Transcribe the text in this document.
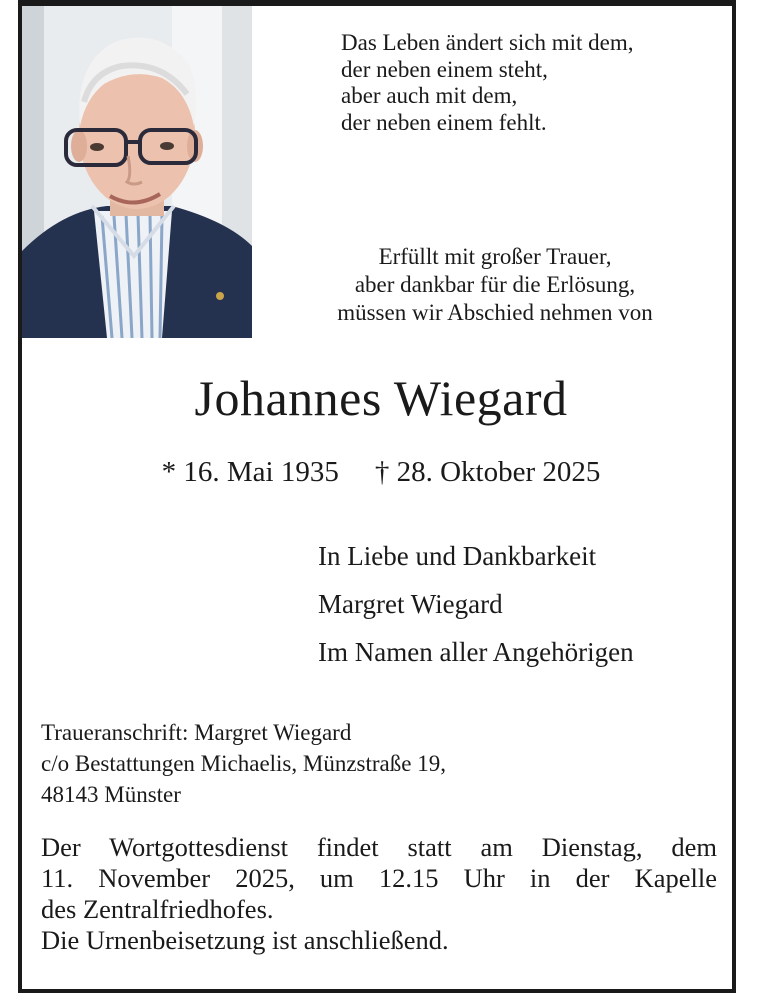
Das Leben ändert sich mit dem,
der neben einem steht,
aber auch mit dem,
der neben einem fehlt.
Erfüllt mit großer Trauer,
aber dankbar für die Erlösung,
müssen wir Abschied nehmen von
Johannes Wiegard
* 16. Mai 1935 † 28. Oktober 2025
In Liebe und Dankbarkeit
Margret Wiegard
Im Namen aller Angehörigen
Traueranschrift: Margret Wiegard
c/o Bestattungen Michaelis, Münzstraße 19,
48143 Münster
Der Wortgottesdienst findet statt am Dienstag, dem
11. November 2025, um 12.15 Uhr in der Kapelle
des Zentralfriedhofes.
Die Urnenbeisetzung ist anschließend.
